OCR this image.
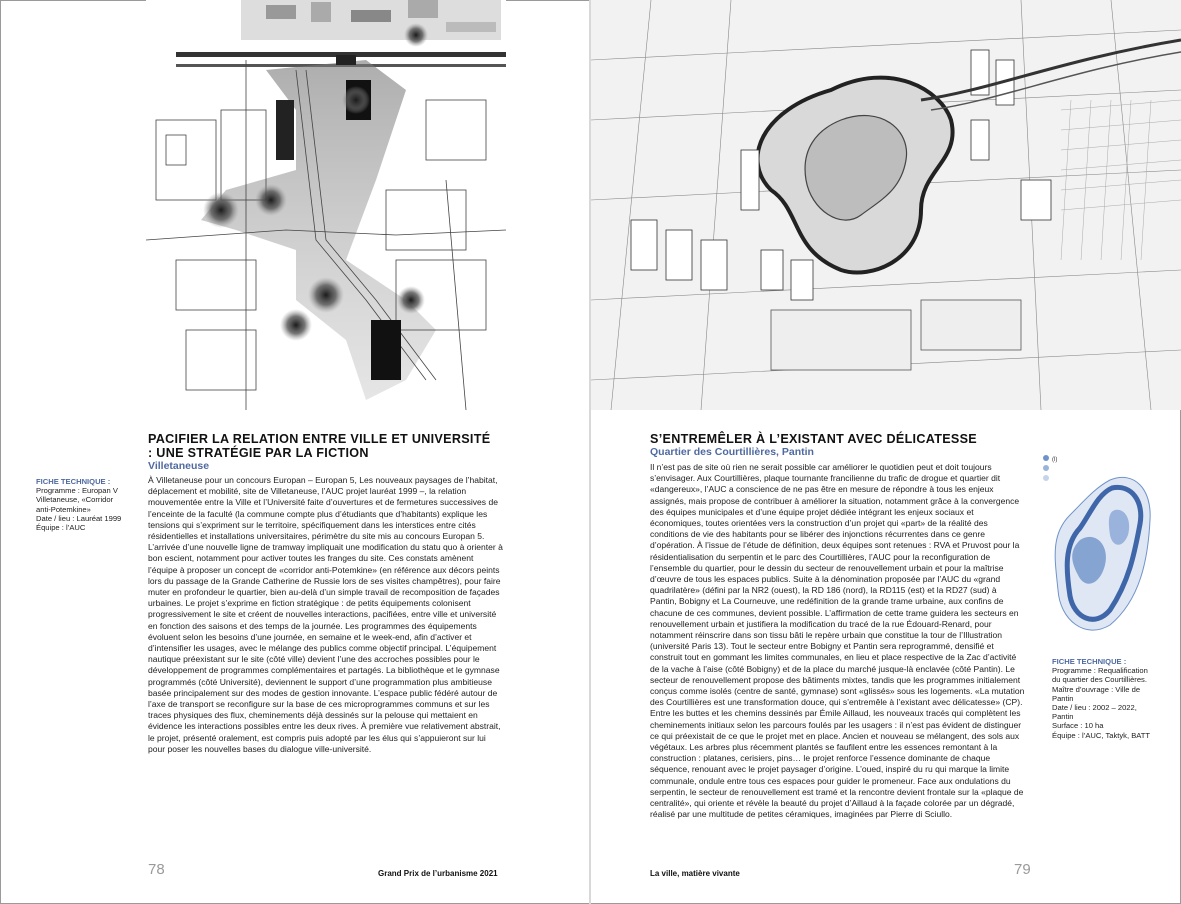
PACIFIER LA RELATION ENTRE VILLE ET UNIVERSITÉ : UNE STRATÉGIE PAR LA FICTION
Villetaneuse
FICHE TECHNIQUE :
Programme : Europan V
Villetaneuse, «Corridor
anti-Potemkine»
Date / lieu : Lauréat 1999
Équipe : l’AUC

À Villetaneuse pour un concours Europan – Europan 5, Les nouveaux paysages de l’habitat, déplacement et mobilité, site de Villetaneuse, l’AUC projet lauréat 1999 –, la relation mouvementée entre la Ville et l’Université faite d’ouvertures et de fermetures successives de l’enceinte de la faculté (la commune compte plus d’étudiants que d’habitants) explique les tensions qui s’expriment sur le territoire, spécifiquement dans les interstices entre cités résidentielles et installations universitaires, périmètre du site mis au concours Europan 5. L’arrivée d’une nouvelle ligne de tramway impliquait une modification du statu quo à orienter à bon escient, notamment pour activer toutes les franges du site. Ces constats amènent l’équipe à proposer un concept de «corridor anti-Potemkine» (en référence aux décors peints lors du passage de la Grande Catherine de Russie lors de ses visites champêtres), pour faire muter en profondeur le quartier, bien au-delà d’un simple travail de recomposition de façades urbaines. Le projet s’exprime en fiction stratégique : de petits équipements colonisent progressivement le site et créent de nouvelles interactions, pacifiées, entre ville et université en fonction des saisons et des temps de la journée. Les programmes des équipements évoluent selon les besoins d’une journée, en semaine et le week-end, afin d’activer et d’intensifier les usages, avec le mélange des publics comme objectif principal. L’équipement nautique préexistant sur le site (côté ville) devient l’une des accroches possibles pour le développement de programmes complémentaires et partagés. La bibliothèque et le gymnase programmés (côté Université), deviennent le support d’une programmation plus ambitieuse basée principalement sur des modes de gestion innovante. L’espace public fédéré autour de l’axe de transport se reconfigure sur la base de ces microprogrammes communs et sur les traces physiques des flux, cheminements déjà dessinés sur la pelouse qui mettaient en évidence les interactions possibles entre les deux rives. À première vue relativement abstrait, le projet, présenté oralement, est compris puis adopté par les élus qui s’appuieront sur lui pour poser les nouvelles bases du dialogue ville-université.

S’ENTREMÊLER À L’EXISTANT AVEC DÉLICATESSE
Quartier des Courtillières, Pantin

Il n’est pas de site où rien ne serait possible car améliorer le quotidien peut et doit toujours s’envisager. Aux Courtillières, plaque tournante francilienne du trafic de drogue et quartier dit «dangereux», l’AUC a conscience de ne pas être en mesure de répondre à tous les enjeux assignés, mais propose de contribuer à améliorer la situation, notamment grâce à la convergence des équipes municipales et d’une équipe projet dédiée intégrant les enjeux sociaux et économiques, toutes orientées vers la construction d’un projet qui «part» de la réalité des conditions de vie des habitants pour se libérer des injonctions récurrentes dans ce genre d’opération. À l’issue de l’étude de définition, deux équipes sont retenues : RVA et Pruvost pour la résidentialisation du serpentin et le parc des Courtillières, l’AUC pour la reconfiguration de l’ensemble du quartier, pour le dessin du secteur de renouvellement urbain et pour la maîtrise d’œuvre de tous les espaces publics. Suite à la dénomination proposée par l’AUC du «grand quadrilatère» (défini par la NR2 (ouest), la RD 186 (nord), la RD115 (est) et la RD27 (sud) à Pantin, Bobigny et La Courneuve, une redéfinition de la grande trame urbaine, aux confins de chacune de ces communes, devient possible. L’affirmation de cette trame guidera les secteurs en renouvellement urbain et justifiera la modification du tracé de la rue Édouard-Renard, pour notamment réinscrire dans son tissu bâti le repère urbain que constitue la tour de l’Illustration (université Paris 13). Tout le secteur entre Bobigny et Pantin sera reprogrammé, densifié et construit tout en gommant les limites communales, en lieu et place respective de la Zac d’activité de la vache à l’aise (côté Bobigny) et de la place du marché jusque-là enclavée (côté Pantin). Le secteur de renouvellement propose des bâtiments mixtes, tandis que les programmes initialement conçus comme isolés (centre de santé, gymnase) sont «glissés» sous les logements. «La mutation des Courtillières est une transformation douce, qui s’entremêle à l’existant avec délicatesse» (CP). Entre les buttes et les chemins dessinés par Émile Aillaud, les nouveaux tracés qui complètent les cheminements initiaux selon les parcours foulés par les usagers : il n’est pas évident de distinguer ce qui préexistait de ce que le projet met en place. Ancien et nouveau se mélangent, des sols aux végétaux. Les arbres plus récemment plantés se faufilent entre les essences remontant à la construction : platanes, cerisiers, pins… le projet renforce l’essence dominante de chaque séquence, renouant avec le projet paysager d’origine. L’oued, inspiré du ru qui marque la limite communale, ondule entre tous ces espaces pour guider le promeneur. Face aux ondulations du serpentin, le secteur de renouvellement est tramé et la rencontre devient frontale sur la «plaque de centralité», qui oriente et révèle la beauté du projet d’Aillaud à la façade colorée par un dégradé, réalisé par une multitude de petites céramiques, imaginées par Pierre di Sciullo.

(l)
FICHE TECHNIQUE :
Programme : Requalification
du quartier des Courtillières.
Maître d’ouvrage : Ville de
Pantin
Date / lieu : 2002 – 2022,
Pantin
Surface : 10 ha
Équipe : l’AUC, Taktyk, BATT
78	Grand Prix de l’urbanisme 2021	La ville, matière vivante	79
